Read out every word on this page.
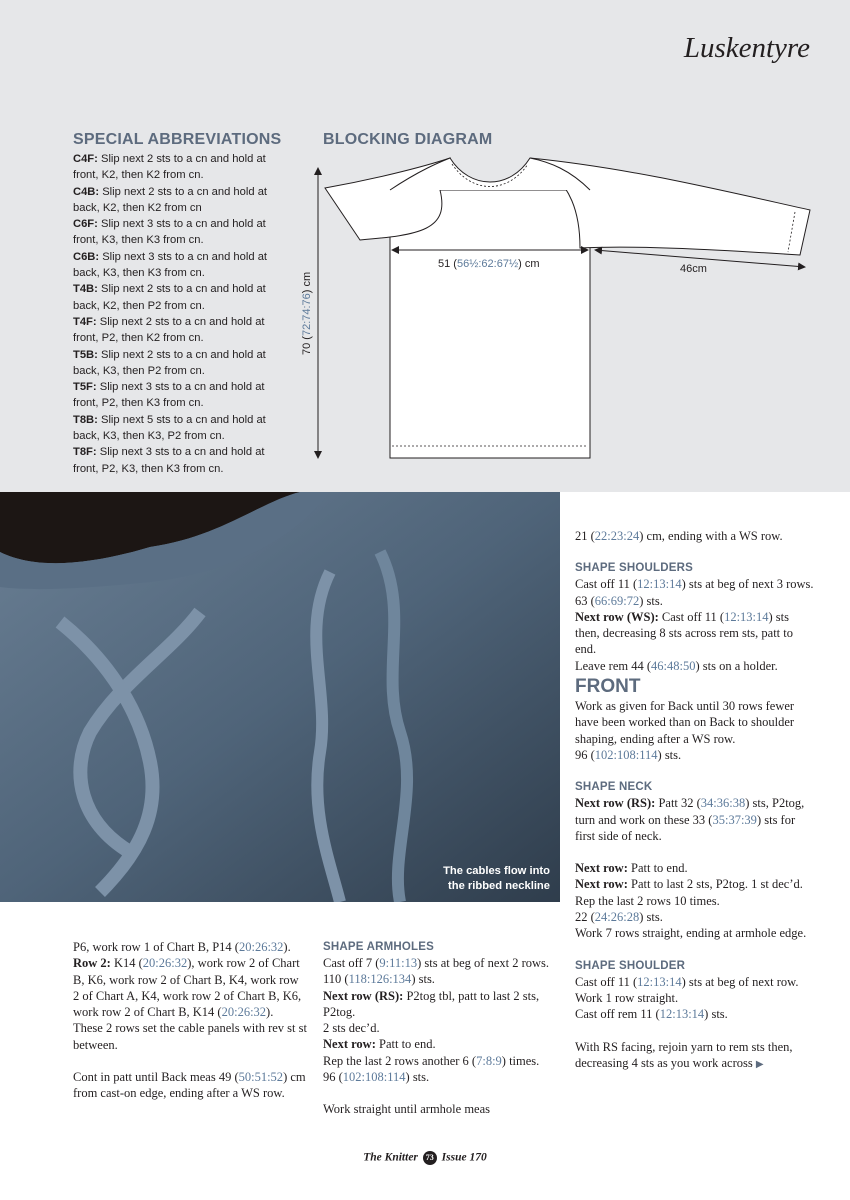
Luskentyre
SPECIAL ABBREVIATIONS
C4F: Slip next 2 sts to a cn and hold at front, K2, then K2 from cn.
C4B: Slip next 2 sts to a cn and hold at back, K2, then K2 from cn
C6F: Slip next 3 sts to a cn and hold at front, K3, then K3 from cn.
C6B: Slip next 3 sts to a cn and hold at back, K3, then K3 from cn.
T4B: Slip next 2 sts to a cn and hold at back, K2, then P2 from cn.
T4F: Slip next 2 sts to a cn and hold at front, P2, then K2 from cn.
T5B: Slip next 2 sts to a cn and hold at back, K3, then P2 from cn.
T5F: Slip next 3 sts to a cn and hold at front, P2, then K3 from cn.
T8B: Slip next 5 sts to a cn and hold at back, K3, then K3, P2 from cn.
T8F: Slip next 3 sts to a cn and hold at front, P2, K3, then K3 from cn.
BLOCKING DIAGRAM
51 (56½:62:67½) cm	46cm
70 (72:74:76) cm
The cables flow into
the ribbed neckline

P6, work row 1 of Chart B, P14 (20:26:32).

Row 2: K14 (20:26:32), work row 2 of Chart B, K6, work row 2 of Chart B, K4, work row 2 of Chart A, K4, work row 2 of Chart B, K6, work row 2 of Chart B, K14 (20:26:32).

These 2 rows set the cable panels with rev st st between.

Cont in patt until Back meas 49 (50:51:52) cm from cast-on edge, ending after a WS row.

SHAPE ARMHOLES

Cast off 7 (9:11:13) sts at beg of next 2 rows.

110 (118:126:134) sts.

Next row (RS): P2tog tbl, patt to last 2 sts, P2tog.

2 sts dec’d.

Next row: Patt to end.

Rep the last 2 rows another 6 (7:8:9) times.

96 (102:108:114) sts.

Work straight until armhole meas

21 (22:23:24) cm, ending with a WS row.

SHAPE SHOULDERS

Cast off 11 (12:13:14) sts at beg of next 3 rows.

63 (66:69:72) sts.

Next row (WS): Cast off 11 (12:13:14) sts then, decreasing 8 sts across rem sts, patt to end.

Leave rem 44 (46:48:50) sts on a holder.

FRONT

Work as given for Back until 30 rows fewer have been worked than on Back to shoulder shaping, ending after a WS row.

96 (102:108:114) sts.

SHAPE NECK

Next row (RS): Patt 32 (34:36:38) sts, P2tog, turn and work on these 33 (35:37:39) sts for first side of neck.

Next row: Patt to end.

Next row: Patt to last 2 sts, P2tog. 1 st dec’d.

Rep the last 2 rows 10 times.

22 (24:26:28) sts.

Work 7 rows straight, ending at armhole edge.

SHAPE SHOULDER

Cast off 11 (12:13:14) sts at beg of next row.

Work 1 row straight.

Cast off rem 11 (12:13:14) sts.

With RS facing, rejoin yarn to rem sts then, decreasing 4 sts as you work across ▶

The Knitter 73 Issue 170
